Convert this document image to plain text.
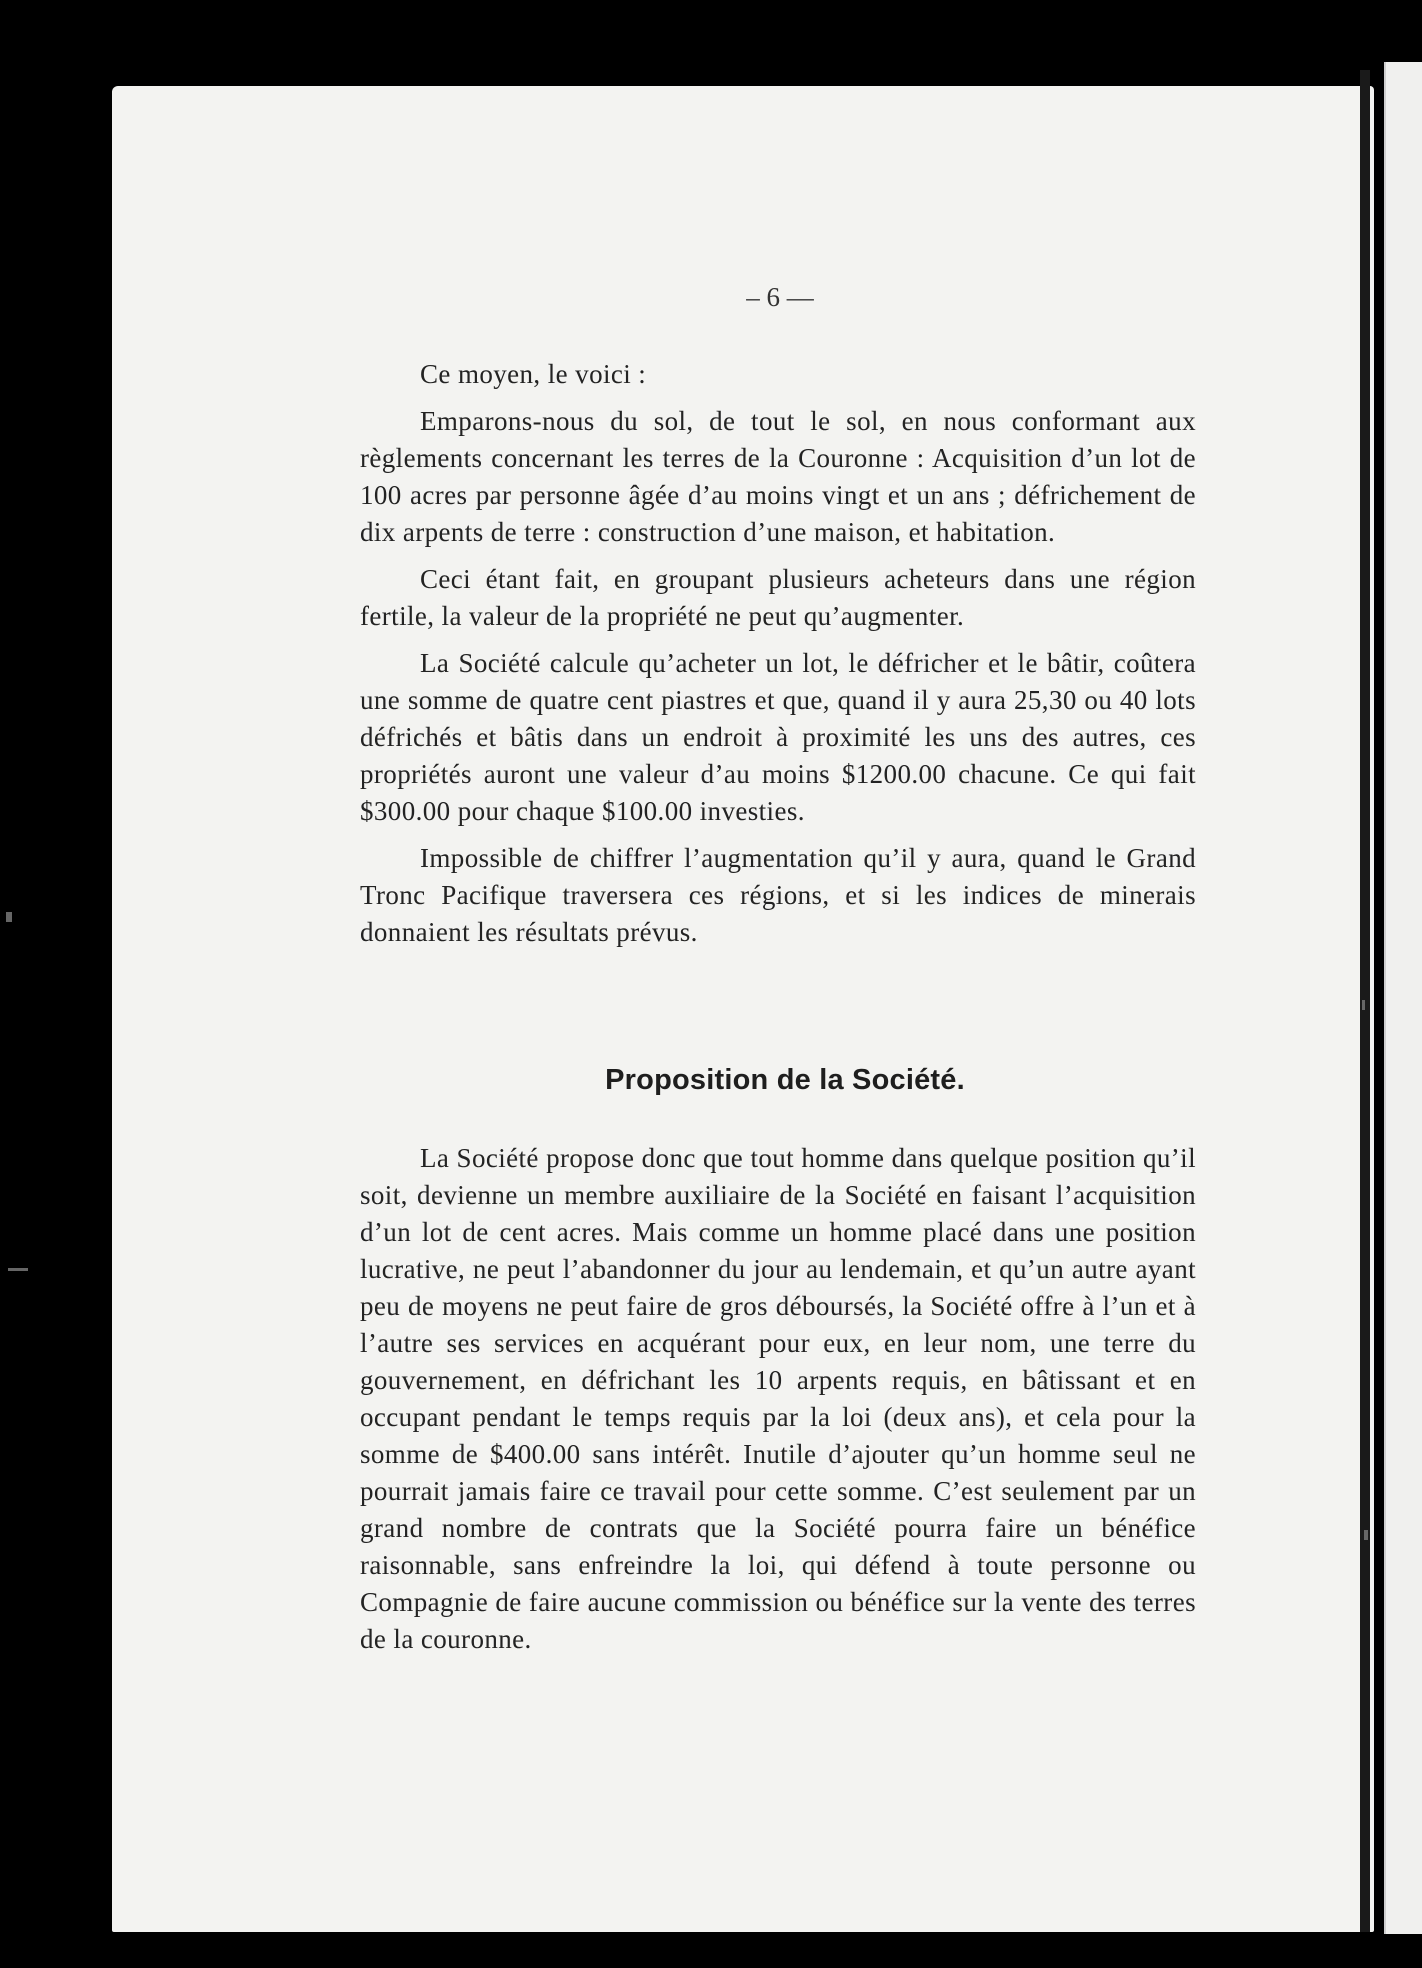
– 6 —

Ce moyen, le voici :

Emparons-nous du sol, de tout le sol, en nous conformant aux règlements concernant les terres de la Couronne : Acquisition d’un lot de 100 acres par personne âgée d’au moins vingt et un ans ; défrichement de dix arpents de terre : construction d’une maison, et habitation.

Ceci étant fait, en groupant plusieurs acheteurs dans une région fertile, la valeur de la propriété ne peut qu’augmenter.

La Société calcule qu’acheter un lot, le défricher et le bâtir, coûtera une somme de quatre cent piastres et que, quand il y aura 25,30 ou 40 lots défrichés et bâtis dans un endroit à proximité les uns des autres, ces propriétés auront une valeur d’au moins $1200.00 chacune. Ce qui fait $300.00 pour chaque $100.00 investies.

Impossible de chiffrer l’augmentation qu’il y aura, quand le Grand Tronc Pacifique traversera ces régions, et si les indices de minerais donnaient les résultats prévus.

Proposition de la Société.

La Société propose donc que tout homme dans quelque position qu’il soit, devienne un membre auxiliaire de la Société en faisant l’acquisition d’un lot de cent acres. Mais comme un homme placé dans une position lucrative, ne peut l’abandonner du jour au lendemain, et qu’un autre ayant peu de moyens ne peut faire de gros déboursés, la Société offre à l’un et à l’autre ses services en acquérant pour eux, en leur nom, une terre du gouvernement, en défrichant les 10 arpents requis, en bâtissant et en occupant pendant le temps requis par la loi (deux ans), et cela pour la somme de $400.00 sans intérêt. Inutile d’ajouter qu’un homme seul ne pourrait jamais faire ce travail pour cette somme. C’est seulement par un grand nombre de contrats que la Société pourra faire un bénéfice raisonnable, sans enfreindre la loi, qui défend à toute personne ou Compagnie de faire aucune commission ou bénéfice sur la vente des terres de la couronne.
